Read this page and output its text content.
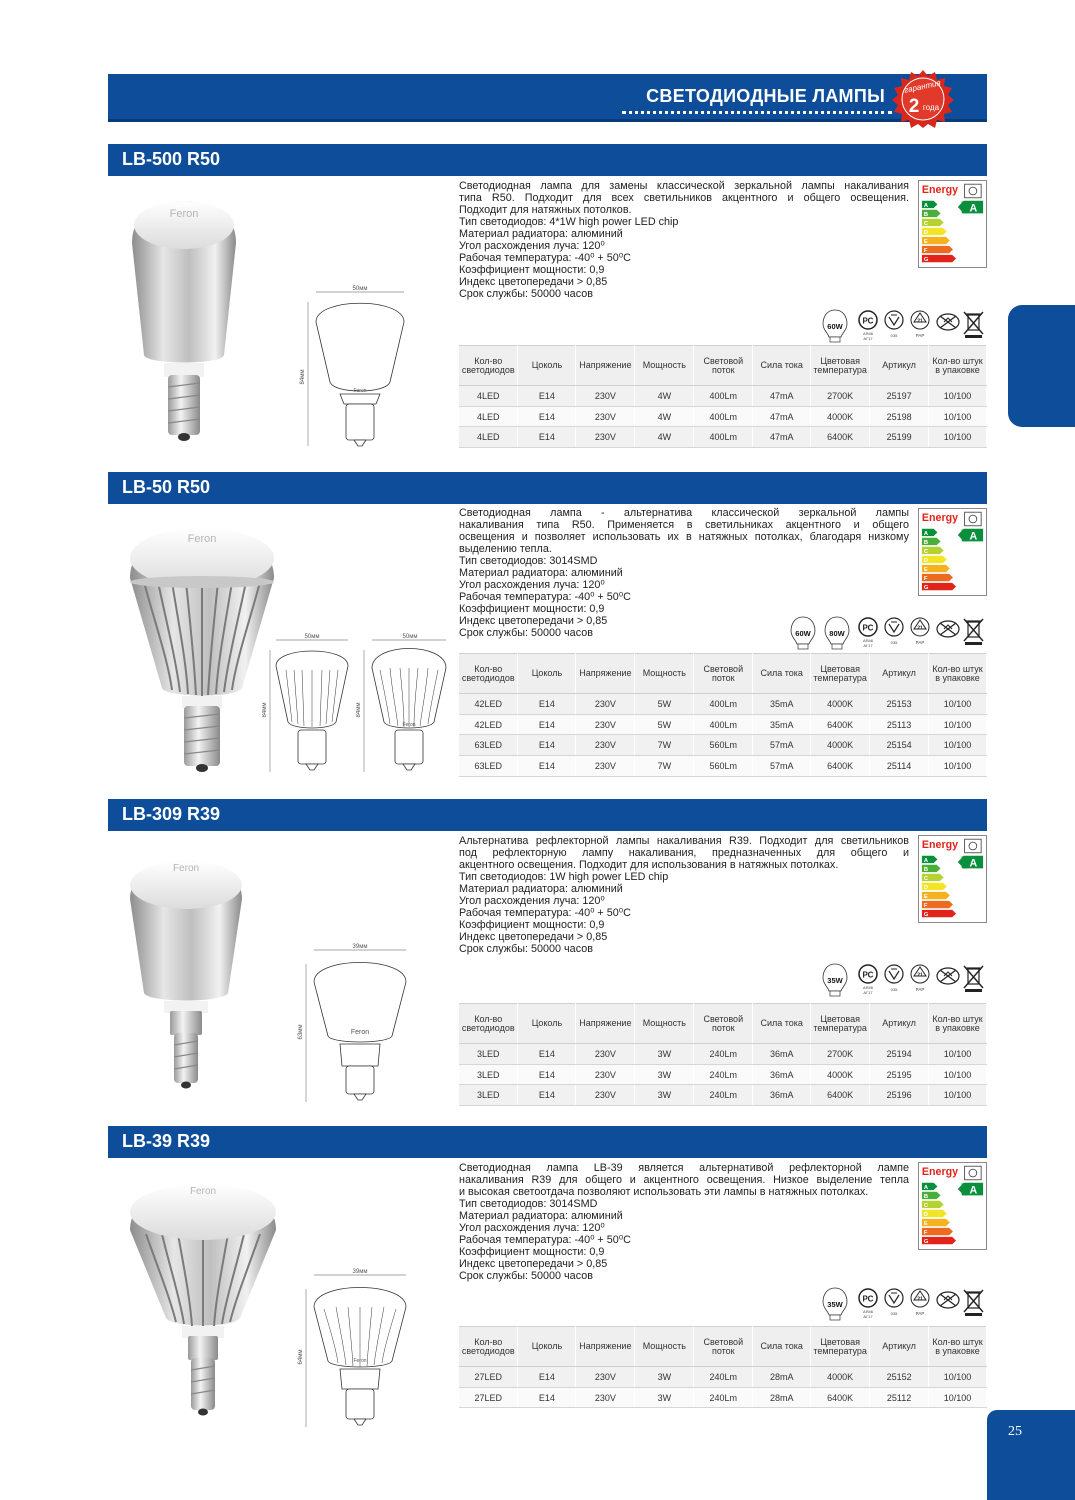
СВЕТОДИОДНЫЕ ЛАМПЫ гарантия
2 года
25
LB-500 R50
Feron
50мм
84мм
Feron

Светодиодная лампа для замены классической зеркальной лампы накаливания

типа R50. Подходит для всех светильников акцентного и общего освещения.

Подходит для натяжных потолков.

Тип светодиодов: 4*1W high power LED chip

Материал радиатора: алюминий

Угол расхождения луча: 120⁰

Рабочая температура: -40⁰ + 50⁰C

Коэффициент мощности: 0,9

Индекс цветопередачи > 0,85

Срок службы: 50000 часов

Energy
A
B
C
D
E
F
G
A
60W
РС
АЯ46
АГ17
035
21
PAP
Кол-во светодиодов	Цоколь	Напряжение	Мощность	Световой поток	Сила тока	Цветовая температура	Артикул	Кол-во штук в упаковке
4LED	E14	230V	4W	400Lm	47mA	2700K	25197	10/100
4LED	E14	230V	4W	400Lm	47mA	4000K	25198	10/100
4LED	E14	230V	4W	400Lm	47mA	6400K	25199	10/100
LB-50 R50
Feron
50мм
84мм
50мм
84мм
Feron

Светодиодная лампа - альтернатива классической зеркальной лампы

накаливания типа R50. Применяется в светильниках акцентного и общего

освещения и позволяет использовать их в натяжных потолках, благодаря низкому

выделению тепла.

Тип светодиодов: 3014SMD

Материал радиатора: алюминий

Угол расхождения луча: 120⁰

Рабочая температура: -40⁰ + 50⁰C

Коэффициент мощности: 0,9

Индекс цветопередачи > 0,85

Срок службы: 50000 часов

Energy
A
B
C
D
E
F
G
A
60W 80W
РС
АЯ46
АГ17
035
21
PAP
Кол-во светодиодов	Цоколь	Напряжение	Мощность	Световой поток	Сила тока	Цветовая температура	Артикул	Кол-во штук в упаковке
42LED	E14	230V	5W	400Lm	35mA	4000K	25153	10/100
42LED	E14	230V	5W	400Lm	35mA	6400K	25113	10/100
63LED	E14	230V	7W	560Lm	57mA	4000K	25154	10/100
63LED	E14	230V	7W	560Lm	57mA	6400K	25114	10/100
LB-309 R39
Feron
39мм
63мм	Feron

Альтернатива рефлекторной лампы накаливания R39. Подходит для светильников

под рефлекторную лампу накаливания, предназначенных для общего и

акцентного освещения. Подходит для использования в натяжных потолках.

Тип светодиодов: 1W high power LED chip

Материал радиатора: алюминий

Угол расхождения луча: 120⁰

Рабочая температура: -40⁰ + 50⁰C

Коэффициент мощности: 0,9

Индекс цветопередачи > 0,85

Срок службы: 50000 часов

Energy
A
B
C
D
E
F
G
A
35W
РС
АЯ46
АГ17
035
21
PAP
Кол-во светодиодов	Цоколь	Напряжение	Мощность	Световой поток	Сила тока	Цветовая температура	Артикул	Кол-во штук в упаковке
3LED	E14	230V	3W	240Lm	36mA	2700K	25194	10/100
3LED	E14	230V	3W	240Lm	36mA	4000K	25195	10/100
3LED	E14	230V	3W	240Lm	36mA	6400K	25196	10/100
LB-39 R39
Feron
39мм
64мм	Feron

Светодиодная лампа LB-39 является альтернативой рефлекторной лампе

накаливания R39 для общего и акцентного освещения. Низкое выделение тепла

и высокая светоотдача позволяют использовать эти лампы в натяжных потолках.

Тип светодиодов: 3014SMD

Материал радиатора: алюминий

Угол расхождения луча: 120⁰

Рабочая температура: -40⁰ + 50⁰C

Коэффициент мощности: 0,9

Индекс цветопередачи > 0,85

Срок службы: 50000 часов

Energy
A
B
C
D
E
F
G
A
35W
РС
АЯ46
АГ17
035
21
PAP
Кол-во светодиодов	Цоколь	Напряжение	Мощность	Световой поток	Сила тока	Цветовая температура	Артикул	Кол-во штук в упаковке
27LED	E14	230V	3W	240Lm	28mA	4000K	25152	10/100
27LED	E14	230V	3W	240Lm	28mA	6400K	25112	10/100
